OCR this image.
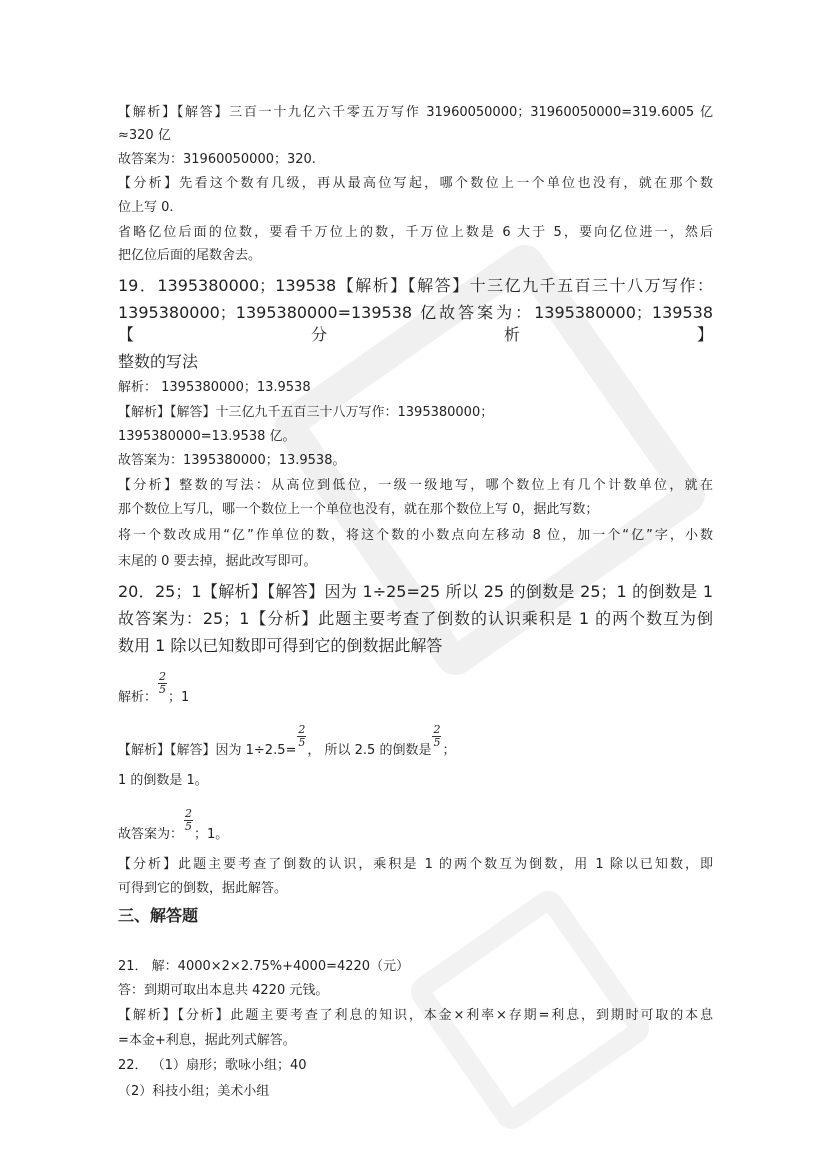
【解析】【解答】三百一十九亿六千零五万写作 31960050000；31960050000=319.6005 亿
≈320 亿
故答案为：31960050000；320.
【分析】先看这个数有几级，再从最高位写起，哪个数位上一个单位也没有，就在那个数
位上写 0.
省略亿位后面的位数，要看千万位上的数，千万位上数是 6 大于 5，要向亿位进一，然后
把亿位后面的尾数舍去。
19．1395380000；139538【解析】【解答】十三亿九千五百三十八万写作：
1395380000；1395380000=139538 亿故答案为：1395380000；139538【分析】
整数的写法
解析： 1395380000；13.9538
【解析】【解答】十三亿九千五百三十八万写作：1395380000；
1395380000=13.9538 亿。
故答案为：1395380000；13.9538。
【分析】整数的写法：从高位到低位，一级一级地写，哪个数位上有几个计数单位，就在
那个数位上写几，哪一个数位上一个单位也没有，就在那个数位上写 0，据此写数；
将一个数改成用“亿”作单位的数，将这个数的小数点向左移动 8 位，加一个“亿”字，小数
末尾的 0 要去掉，据此改写即可。
20．25；1【解析】【解答】因为 1÷25=25 所以 25 的倒数是 25；1 的倒数是 1
故答案为：25；1【分析】此题主要考查了倒数的认识乘积是 1 的两个数互为倒
数用 1 除以已知数即可得到它的倒数据此解答
解析：
$\frac{2}{5}$
；1
【解析】【解答】因为 1÷2.5=
$\frac{2}{5}$
， 所以 2.5 的倒数是
$\frac{2}{5}$
；
1 的倒数是 1。
故答案为：
$\frac{2}{5}$
；1。
【分析】此题主要考查了倒数的认识，乘积是 1 的两个数互为倒数，用 1 除以已知数，即
可得到它的倒数，据此解答。
三、解答题
21． 解：4000×2×2.75%+4000=4220（元）
答：到期可取出本息共 4220 元钱。
【解析】【分析】此题主要考查了利息的知识，本金×利率×存期=利息，到期时可取的本息
=本金+利息，据此列式解答。
22． （1）扇形；歌咏小组；40
（2）科技小组；美术小组
